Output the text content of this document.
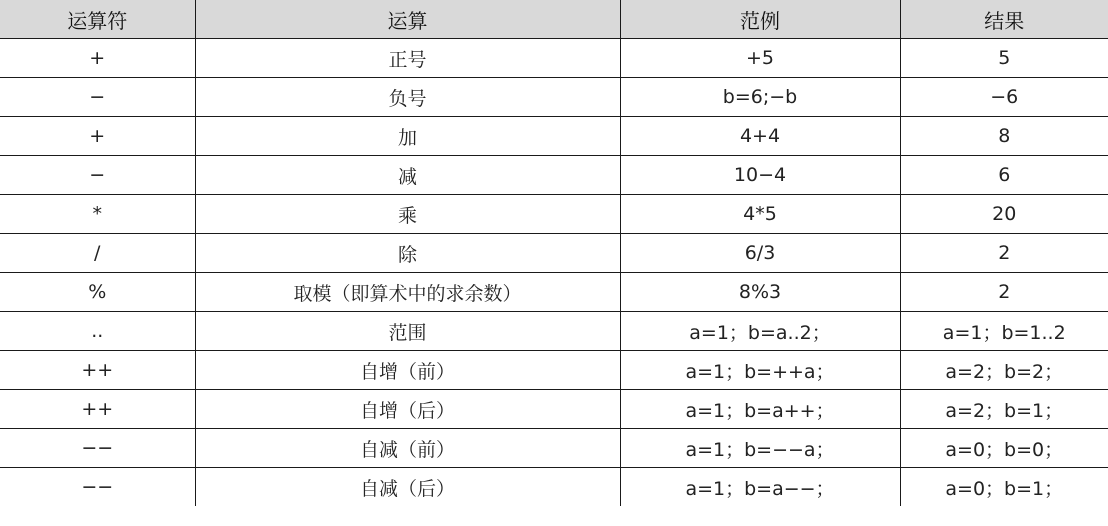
运算符	运算	范例	结果
+	正号	+5	5
−	负号	b=6;−b	−6
+	加	4+4	8
−	减	10−4	6
*	乘	4*5	20
/	除	6/3	2
%	取模（即算术中的求余数）	8%3	2
..	范围	a=1；b=a..2；	a=1；b=1..2
++	自增（前）	a=1；b=++a；	a=2；b=2；
++	自增（后）	a=1；b=a++；	a=2；b=1；
−−	自减（前）	a=1；b=−−a；	a=0；b=0；
−−	自减（后）	a=1；b=a−−；	a=0；b=1；
